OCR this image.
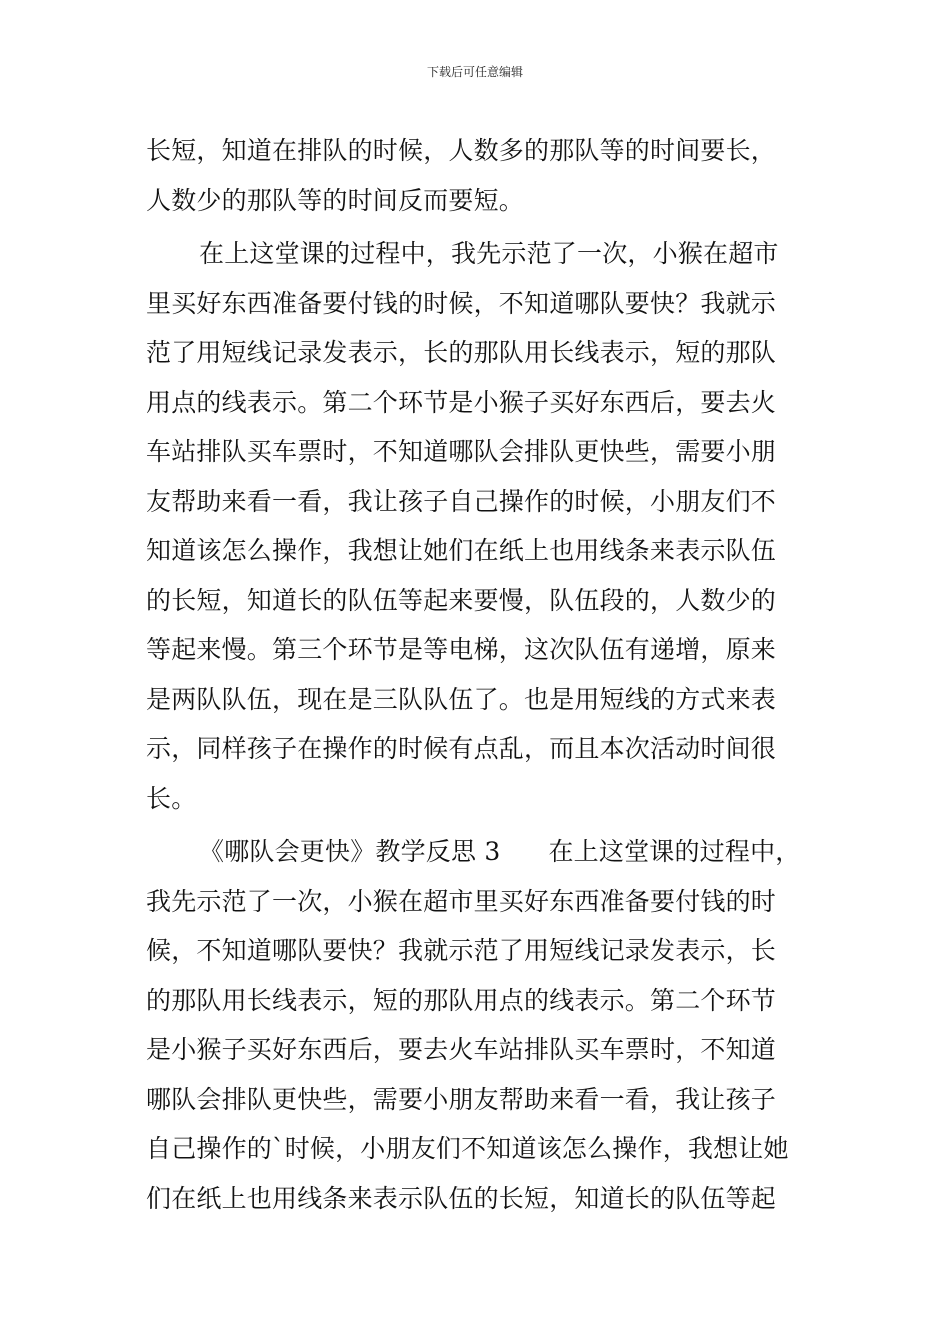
下载后可任意编辑
长短，知道在排队的时候，人数多的那队等的时间要长，
人数少的那队等的时间反而要短。
在上这堂课的过程中，我先示范了一次，小猴在超市
里买好东西准备要付钱的时候，不知道哪队要快？我就示
范了用短线记录发表示，长的那队用长线表示，短的那队
用点的线表示。第二个环节是小猴子买好东西后，要去火
车站排队买车票时，不知道哪队会排队更快些，需要小朋
友帮助来看一看，我让孩子自己操作的时候，小朋友们不
知道该怎么操作，我想让她们在纸上也用线条来表示队伍
的长短，知道长的队伍等起来要慢，队伍段的，人数少的
等起来慢。第三个环节是等电梯，这次队伍有递增，原来
是两队队伍，现在是三队队伍了。也是用短线的方式来表
示，同样孩子在操作的时候有点乱，而且本次活动时间很
长。
《哪队会更快》教学反思 3 在上这堂课的过程中，
我先示范了一次，小猴在超市里买好东西准备要付钱的时
候，不知道哪队要快？我就示范了用短线记录发表示，长
的那队用长线表示，短的那队用点的线表示。第二个环节
是小猴子买好东西后，要去火车站排队买车票时，不知道
哪队会排队更快些，需要小朋友帮助来看一看，我让孩子
自己操作的`时候，小朋友们不知道该怎么操作，我想让她
们在纸上也用线条来表示队伍的长短，知道长的队伍等起
